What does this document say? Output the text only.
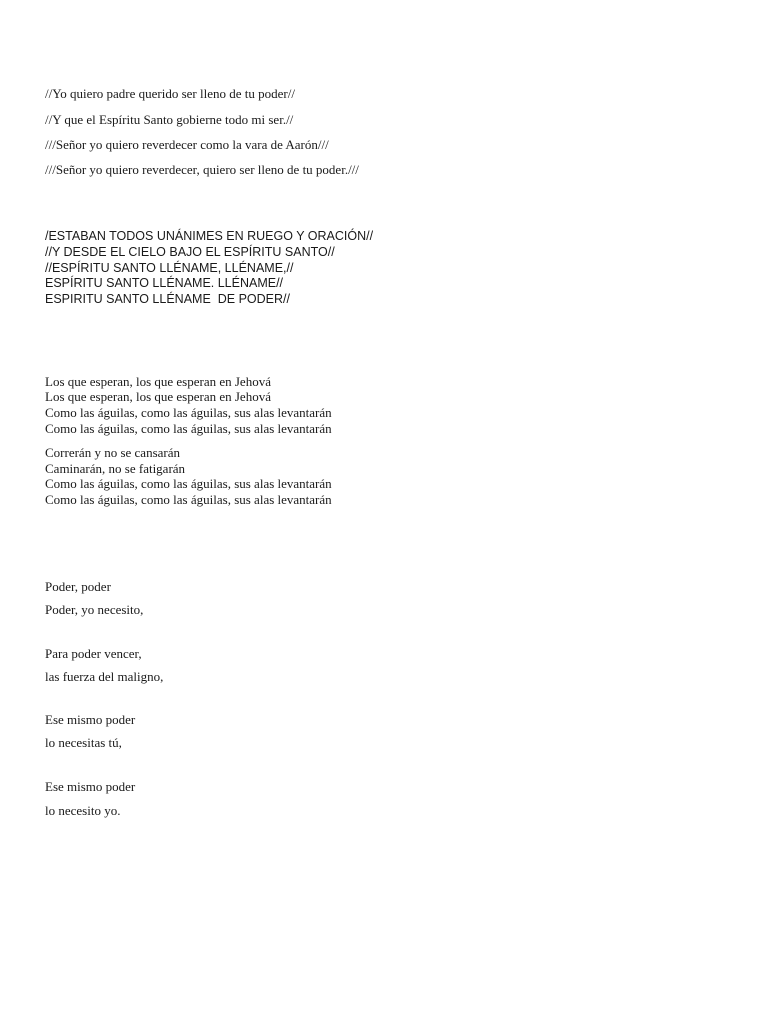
//Yo quiero padre querido ser lleno de tu poder//

//Y que el Espíritu Santo gobierne todo mi ser.//

///Señor yo quiero reverdecer como la vara de Aarón///

///Señor yo quiero reverdecer, quiero ser lleno de tu poder.///

/ESTABAN TODOS UNÁNIMES EN RUEGO Y ORACIÓN//

//Y DESDE EL CIELO BAJO EL ESPÍRITU SANTO//

//ESPÍRITU SANTO LLÉNAME, LLÉNAME,//

ESPÍRITU SANTO LLÉNAME. LLÉNAME//

ESPIRITU SANTO LLÉNAME  DE PODER//

Los que esperan, los que esperan en Jehová

Los que esperan, los que esperan en Jehová

Como las águilas, como las águilas, sus alas levantarán

Como las águilas, como las águilas, sus alas levantarán

Correrán y no se cansarán

Caminarán, no se fatigarán

Como las águilas, como las águilas, sus alas levantarán

Como las águilas, como las águilas, sus alas levantarán

Poder, poder

Poder, yo necesito,

Para poder vencer,

las fuerza del maligno,

Ese mismo poder

lo necesitas tú,

Ese mismo poder

lo necesito yo.
